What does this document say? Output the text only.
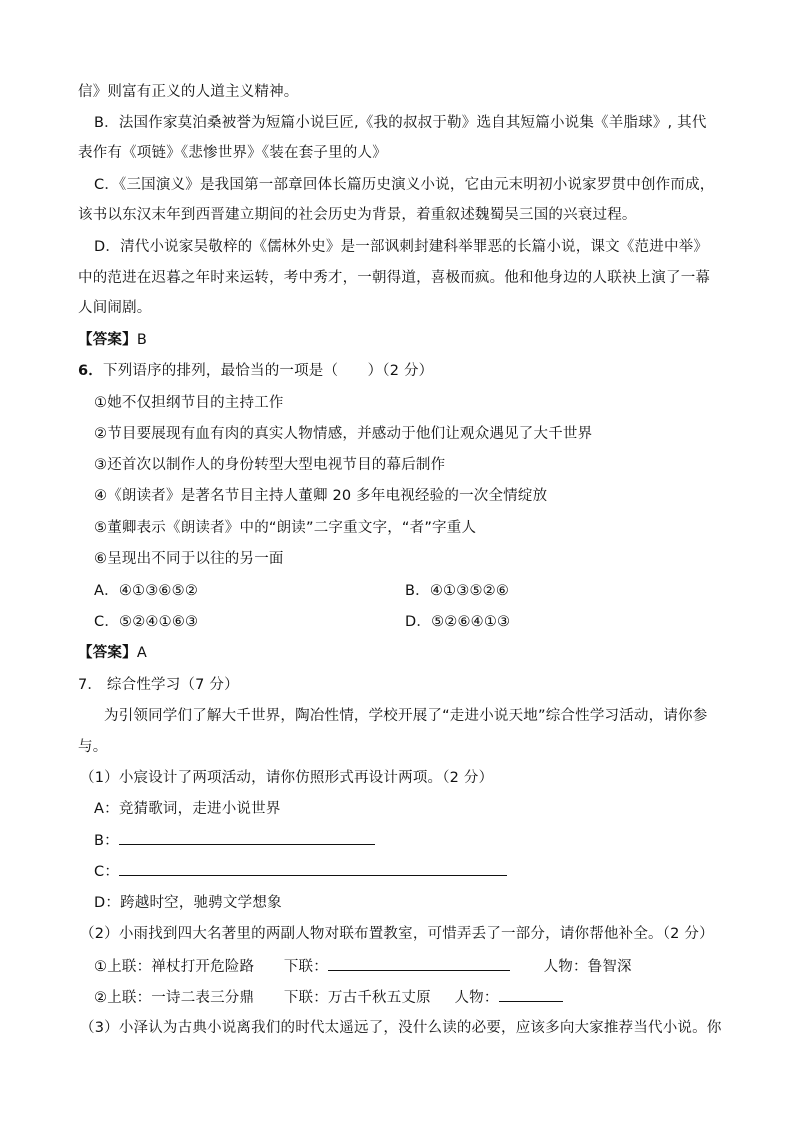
信》则富有正义的人道主义精神。
B．法国作家莫泊桑被誉为短篇小说巨匠,《我的叔叔于勒》选自其短篇小说集《羊脂球》, 其代
表作有《项链》《悲惨世界》《装在套子里的人》
C．《三国演义》是我国第一部章回体长篇历史演义小说，它由元末明初小说家罗贯中创作而成，
该书以东汉末年到西晋建立期间的社会历史为背景，着重叙述魏蜀吴三国的兴衰过程。
D．清代小说家吴敬梓的《儒林外史》是一部讽刺封建科举罪恶的长篇小说，课文《范进中举》
中的范进在迟暮之年时来运转，考中秀才，一朝得道，喜极而疯。他和他身边的人联袂上演了一幕
人间闹剧。
【答案】B
6．下列语序的排列，最恰当的一项是（　　）（2 分）
①她不仅担纲节目的主持工作
②节目要展现有血有肉的真实人物情感，并感动于他们让观众遇见了大千世界
③还首次以制作人的身份转型大型电视节目的幕后制作
④《朗读者》是著名节目主持人董卿 20 多年电视经验的一次全情绽放
⑤董卿表示《朗读者》中的“朗读”二字重文字，“者”字重人
⑥呈现出不同于以往的另一面
A．④①③⑥⑤②	B．④①③⑤②⑥
C．⑤②④①⑥③	D．⑤②⑥④①③
【答案】A
7． 综合性学习（7 分）
为引领同学们了解大千世界，陶冶性情，学校开展了“走进小说天地”综合性学习活动，请你参
与。
（1）小宸设计了两项活动，请你仿照形式再设计两项。（2 分）
A：竞猜歌词，走进小说世界
B：
C：
D：跨越时空，驰骋文学想象
（2）小雨找到四大名著里的两副人物对联布置教室，可惜弄丢了一部分，请你帮他补全。（2 分）
①上联：禅杖打开危险路 下联：	人物：鲁智深
②上联：一诗二表三分鼎 下联：万古千秋五丈原 人物：
（3）小泽认为古典小说离我们的时代太遥远了，没什么读的必要，应该多向大家推荐当代小说。你
